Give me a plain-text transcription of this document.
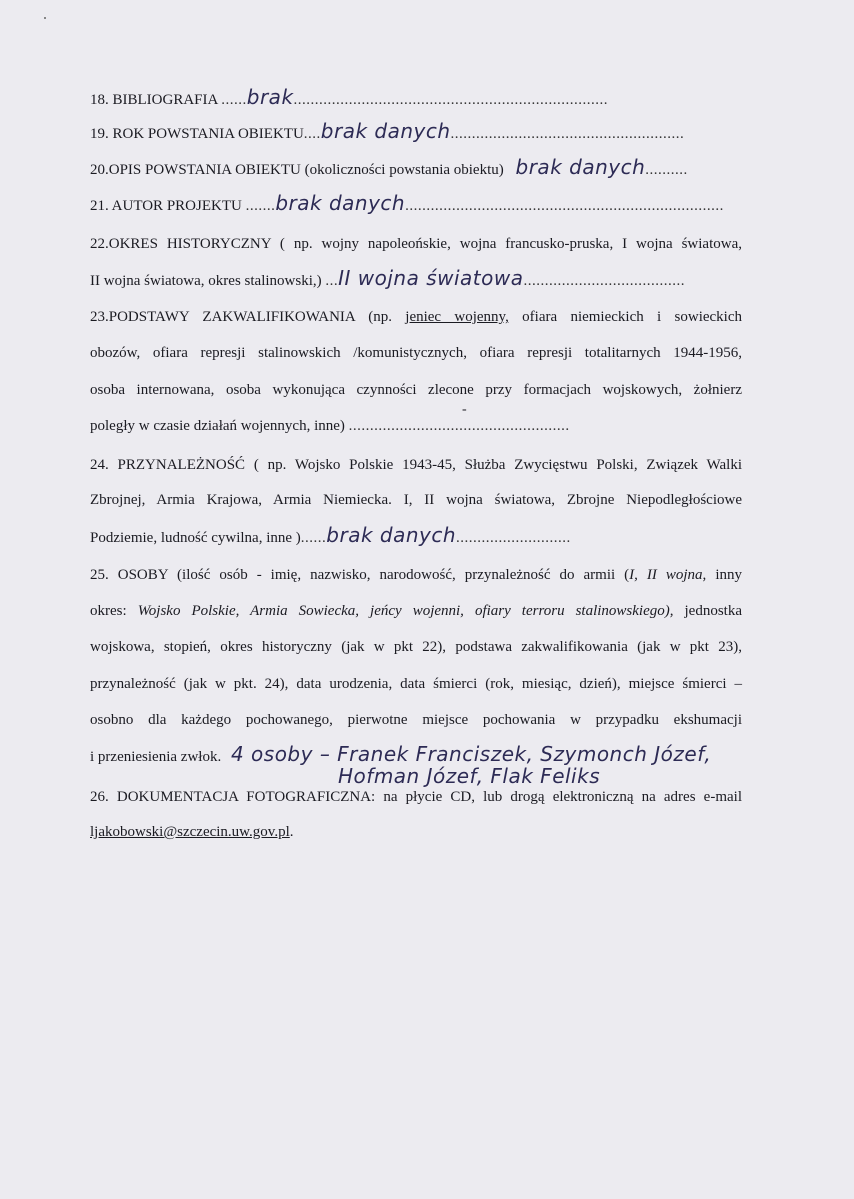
18. BIBLIOGRAFIA ......brak..........................................................................
19. ROK POWSTANIA OBIEKTU....brak danych.......................................................
20.OPIS POWSTANIA OBIEKTU (okoliczności powstania obiektu) brak danych..........
21. AUTOR PROJEKTU .......brak danych...........................................................................
22.OKRES HISTORYCZNY ( np. wojny napoleońskie, wojna francusko-pruska, I wojna światowa,
II wojna światowa, okres stalinowski,) ...II wojna światowa......................................
23.PODSTAWY ZAKWALIFIKOWANIA (np. jeniec wojenny, ofiara niemieckich i sowieckich
obozów, ofiara represji stalinowskich /komunistycznych, ofiara represji totalitarnych 1944-1956,
osoba internowana, osoba wykonująca czynności zlecone przy formacjach wojskowych, żołnierz
-
poległy w czasie działań wojennych, inne) ....................................................
24. PRZYNALEŻNOŚĆ ( np. Wojsko Polskie 1943-45, Służba Zwycięstwu Polski, Związek Walki
Zbrojnej, Armia Krajowa, Armia Niemiecka. I, II wojna światowa, Zbrojne Niepodległościowe
Podziemie, ludność cywilna, inne )......brak danych...........................
25. OSOBY (ilość osób - imię, nazwisko, narodowość, przynależność do armii (I, II wojna, inny
okres: Wojsko Polskie, Armia Sowiecka, jeńcy wojenni, ofiary terroru stalinowskiego), jednostka
wojskowa, stopień, okres historyczny (jak w pkt 22), podstawa zakwalifikowania (jak w pkt 23),
przynależność (jak w pkt. 24), data urodzenia, data śmierci (rok, miesiąc, dzień), miejsce śmierci –
osobno dla każdego pochowanego, pierwotne miejsce pochowania w przypadku ekshumacji
i przeniesienia zwłok. 4 osoby – Franek Franciszek, Szymonch Józef,
Hofman Józef, Flak Feliks
26. DOKUMENTACJA FOTOGRAFICZNA: na płycie CD, lub drogą elektroniczną na adres e-mail
ljakobowski@szczecin.uw.gov.pl.
